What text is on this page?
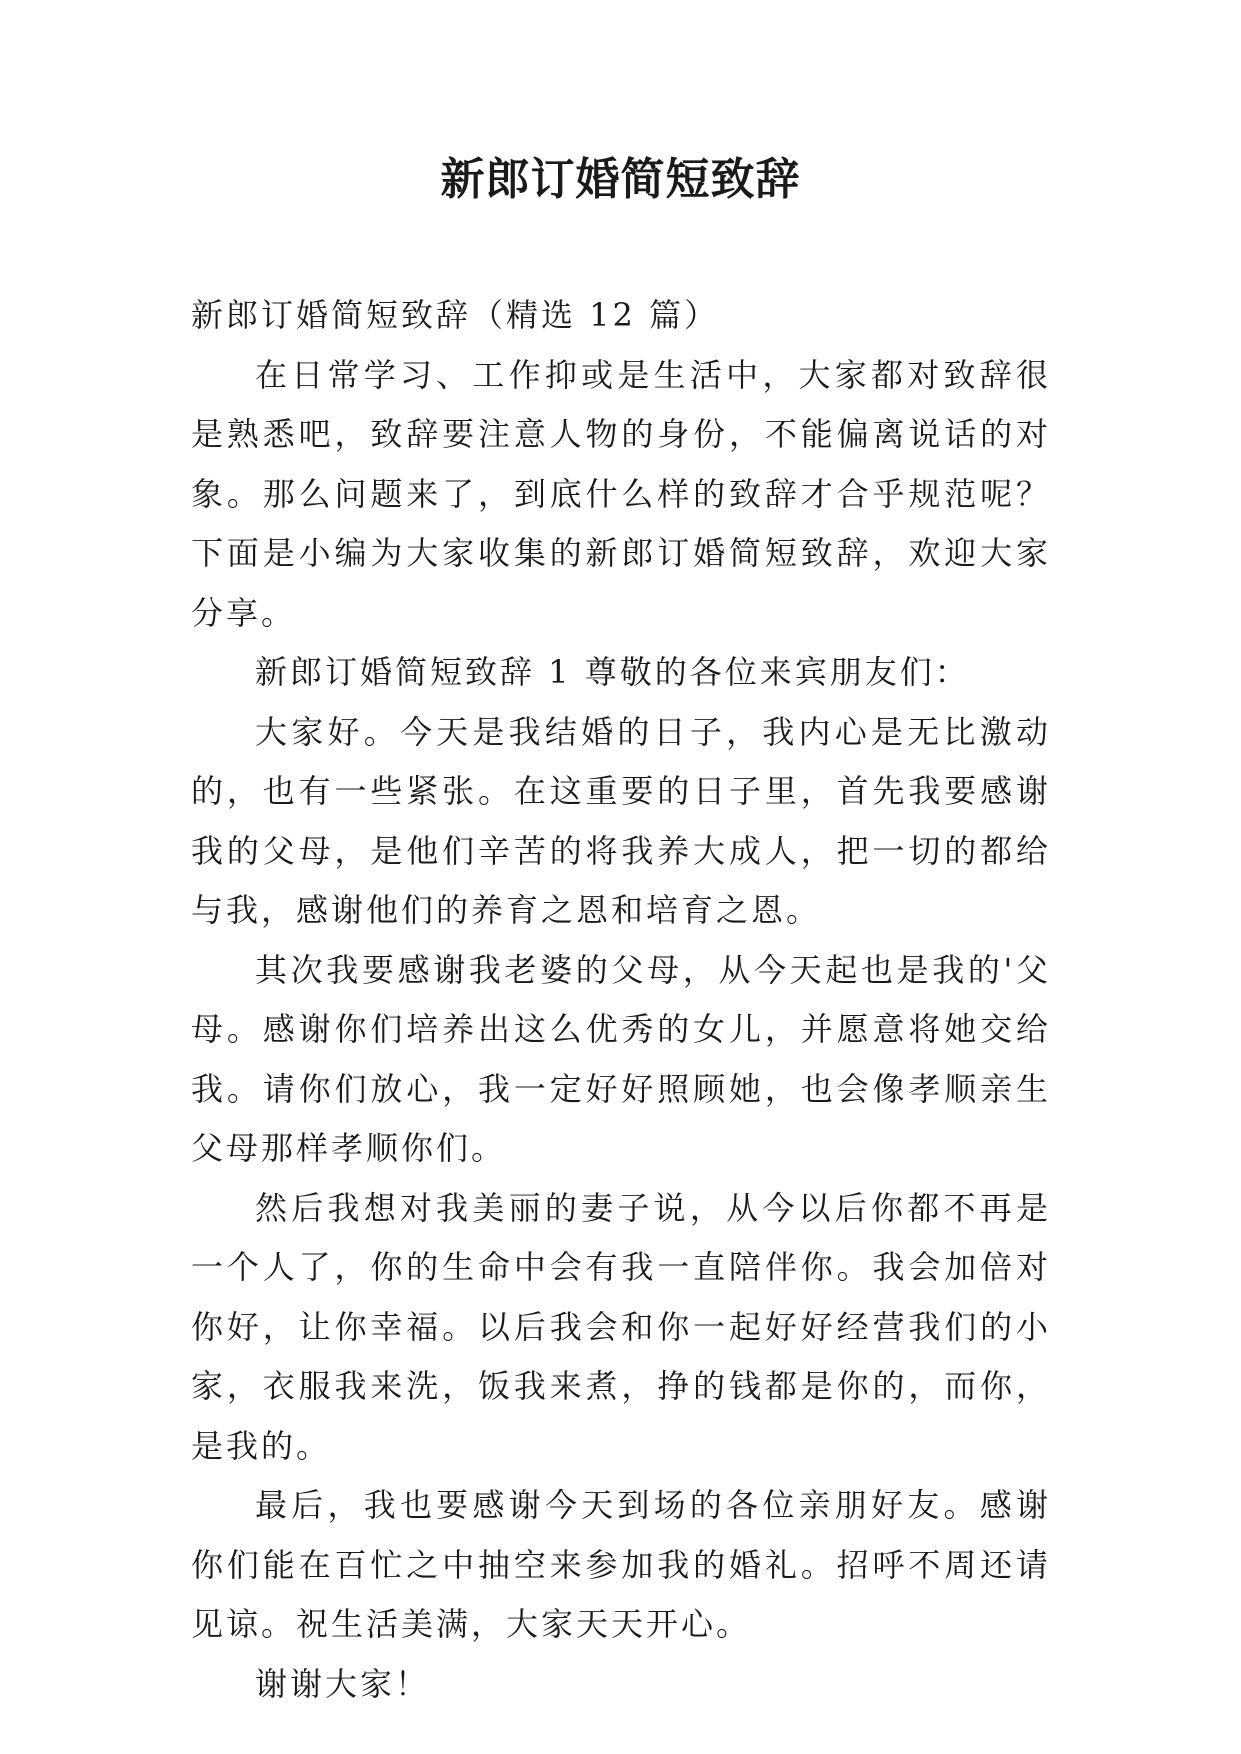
新郎订婚简短致辞

新郎订婚简短致辞（精选 12 篇）

在日常学习、工作抑或是生活中，大家都对致辞很是熟悉吧，致辞要注意人物的身份，不能偏离说话的对象。那么问题来了，到底什么样的致辞才合乎规范呢？下面是小编为大家收集的新郎订婚简短致辞，欢迎大家分享。

新郎订婚简短致辞 1 尊敬的各位来宾朋友们：

大家好。今天是我结婚的日子，我内心是无比激动的，也有一些紧张。在这重要的日子里，首先我要感谢我的父母，是他们辛苦的将我养大成人，把一切的都给与我，感谢他们的养育之恩和培育之恩。

其次我要感谢我老婆的父母，从今天起也是我的'父母。感谢你们培养出这么优秀的女儿，并愿意将她交给我。请你们放心，我一定好好照顾她，也会像孝顺亲生父母那样孝顺你们。

然后我想对我美丽的妻子说，从今以后你都不再是一个人了，你的生命中会有我一直陪伴你。我会加倍对你好，让你幸福。以后我会和你一起好好经营我们的小家，衣服我来洗，饭我来煮，挣的钱都是你的，而你，是我的。

最后，我也要感谢今天到场的各位亲朋好友。感谢你们能在百忙之中抽空来参加我的婚礼。招呼不周还请见谅。祝生活美满，大家天天开心。

谢谢大家！
